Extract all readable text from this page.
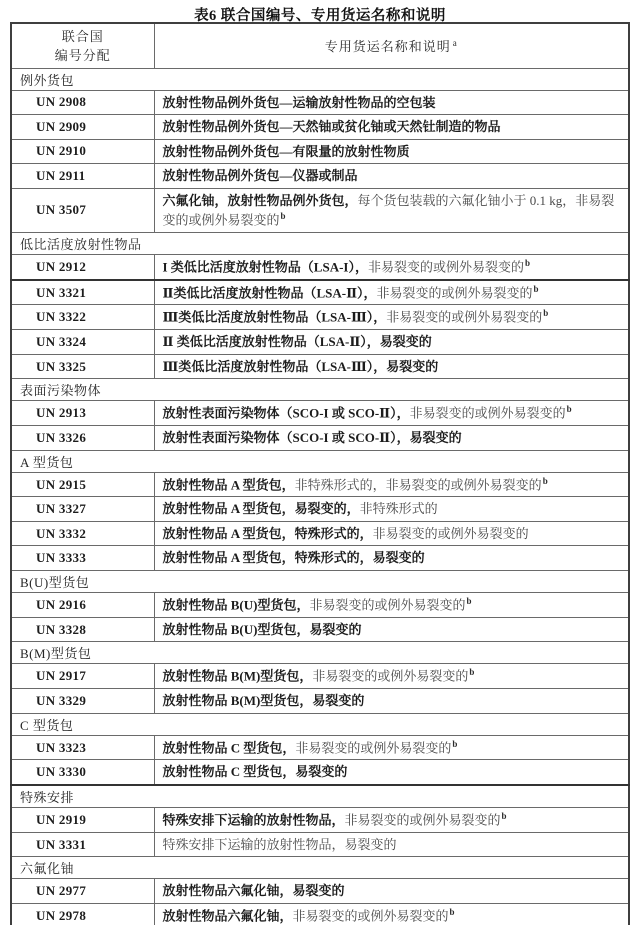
表6 联合国编号、专用货运名称和说明
联合国
编号分配	专用货运名称和说明 $^a$
例外货包	
UN 2908	放射性物品例外货包—运输放射性物品的空包装
UN 2909	放射性物品例外货包—天然铀或贫化铀或天然钍制造的物品
UN 2910	放射性物品例外货包—有限量的放射性物质
UN 2911	放射性物品例外货包—仪器或制品
UN 3507	六氟化铀，放射性物品例外货包，每个货包装载的六氟化铀小于 0.1 kg，非易裂变的或例外易裂变的$^b$
低比活度放射性物品	
UN 2912	I 类低比活度放射性物品（LSA-I），非易裂变的或例外易裂变的$^b$
UN 3321	Ⅱ类低比活度放射性物品（LSA-Ⅱ），非易裂变的或例外易裂变的$^b$
UN 3322	Ⅲ类低比活度放射性物品（LSA-Ⅲ），非易裂变的或例外易裂变的$^b$
UN 3324	Ⅱ 类低比活度放射性物品（LSA-Ⅱ），易裂变的
UN 3325	Ⅲ类低比活度放射性物品（LSA-Ⅲ），易裂变的
表面污染物体	
UN 2913	放射性表面污染物体（SCO-I 或 SCO-Ⅱ），非易裂变的或例外易裂变的$^b$
UN 3326	放射性表面污染物体（SCO-I 或 SCO-Ⅱ），易裂变的
A 型货包	
UN 2915	放射性物品 A 型货包，非特殊形式的，非易裂变的或例外易裂变的$^b$
UN 3327	放射性物品 A 型货包，易裂变的，非特殊形式的
UN 3332	放射性物品 A 型货包，特殊形式的，非易裂变的或例外易裂变的
UN 3333	放射性物品 A 型货包，特殊形式的，易裂变的
B(U)型货包	
UN 2916	放射性物品 B(U)型货包，非易裂变的或例外易裂变的$^b$
UN 3328	放射性物品 B(U)型货包，易裂变的
B(M)型货包	
UN 2917	放射性物品 B(M)型货包，非易裂变的或例外易裂变的$^b$
UN 3329	放射性物品 B(M)型货包，易裂变的
C 型货包	
UN 3323	放射性物品 C 型货包，非易裂变的或例外易裂变的$^b$
UN 3330	放射性物品 C 型货包，易裂变的
特殊安排	
UN 2919	特殊安排下运输的放射性物品，非易裂变的或例外易裂变的$^b$
UN 3331	特殊安排下运输的放射性物品，易裂变的
六氟化铀	
UN 2977	放射性物品六氟化铀，易裂变的
UN 2978	放射性物品六氟化铀，非易裂变的或例外易裂变的$^b$
